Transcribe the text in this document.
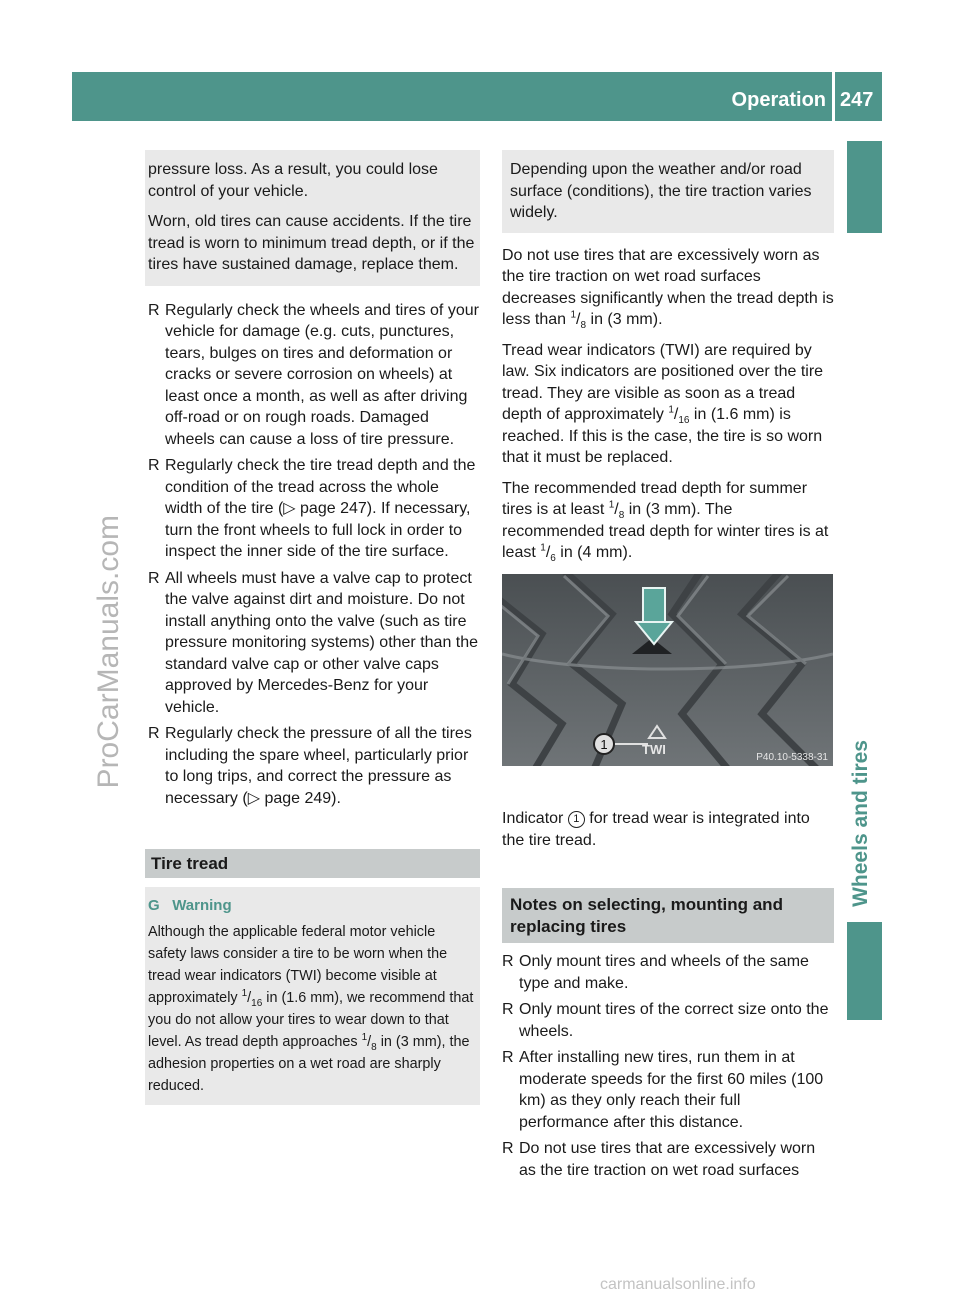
Operation 247
Wheels and tires
ProCarManuals.com

pressure loss. As a result, you could lose control of your vehicle.

Worn, old tires can cause accidents. If the tire tread is worn to minimum tread depth, or if the tires have sustained damage, replace them.

R Regularly check the wheels and tires of your vehicle for damage (e.g. cuts, punctures, tears, bulges on tires and deformation or cracks or severe corrosion on wheels) at least once a month, as well as after driving off-road or on rough roads. Damaged wheels can cause a loss of tire pressure.
R Regularly check the tire tread depth and the condition of the tread across the whole width of the tire (▷ page 247). If necessary, turn the front wheels to full lock in order to inspect the inner side of the tire surface.
R All wheels must have a valve cap to protect the valve against dirt and moisture. Do not install anything onto the valve (such as tire pressure monitoring systems) other than the standard valve cap or other valve caps approved by Mercedes-Benz for your vehicle.
R Regularly check the pressure of all the tires including the spare wheel, particularly prior to long trips, and correct the pressure as necessary (▷ page 249).
Tire tread
G Warning
Although the applicable federal motor vehicle safety laws consider a tire to be worn when the tread wear indicators (TWI) become visible at approximately $^1/_{16}$ in (1.6 mm), we recommend that you do not allow your tires to wear down to that level. As tread depth approaches $^1/_8$ in (3 mm), the adhesion properties on a wet road are sharply reduced.

Depending upon the weather and/or road surface (conditions), the tire traction varies widely.

Do not use tires that are excessively worn as the tire traction on wet road surfaces decreases significantly when the tread depth is less than $^1/_8$ in (3 mm).

Tread wear indicators (TWI) are required by law. Six indicators are positioned over the tire tread. They are visible as soon as a tread depth of approximately $^1/_{16}$ in (1.6 mm) is reached. If this is the case, the tire is so worn that it must be replaced.

The recommended tread depth for summer tires is at least $^1/_8$ in (3 mm). The recommended tread depth for winter tires is at least $^1/_6$ in (4 mm).

1	TWI
P40.10-5338-31

Indicator 1 for tread wear is integrated into the tire tread.

Notes on selecting, mounting and replacing tires
R Only mount tires and wheels of the same type and make.
R Only mount tires of the correct size onto the wheels.
R After installing new tires, run them in at moderate speeds for the first 60 miles (100 km) as they only reach their full performance after this distance.
R Do not use tires that are excessively worn as the tire traction on wet road surfaces
carmanualsonline.info
